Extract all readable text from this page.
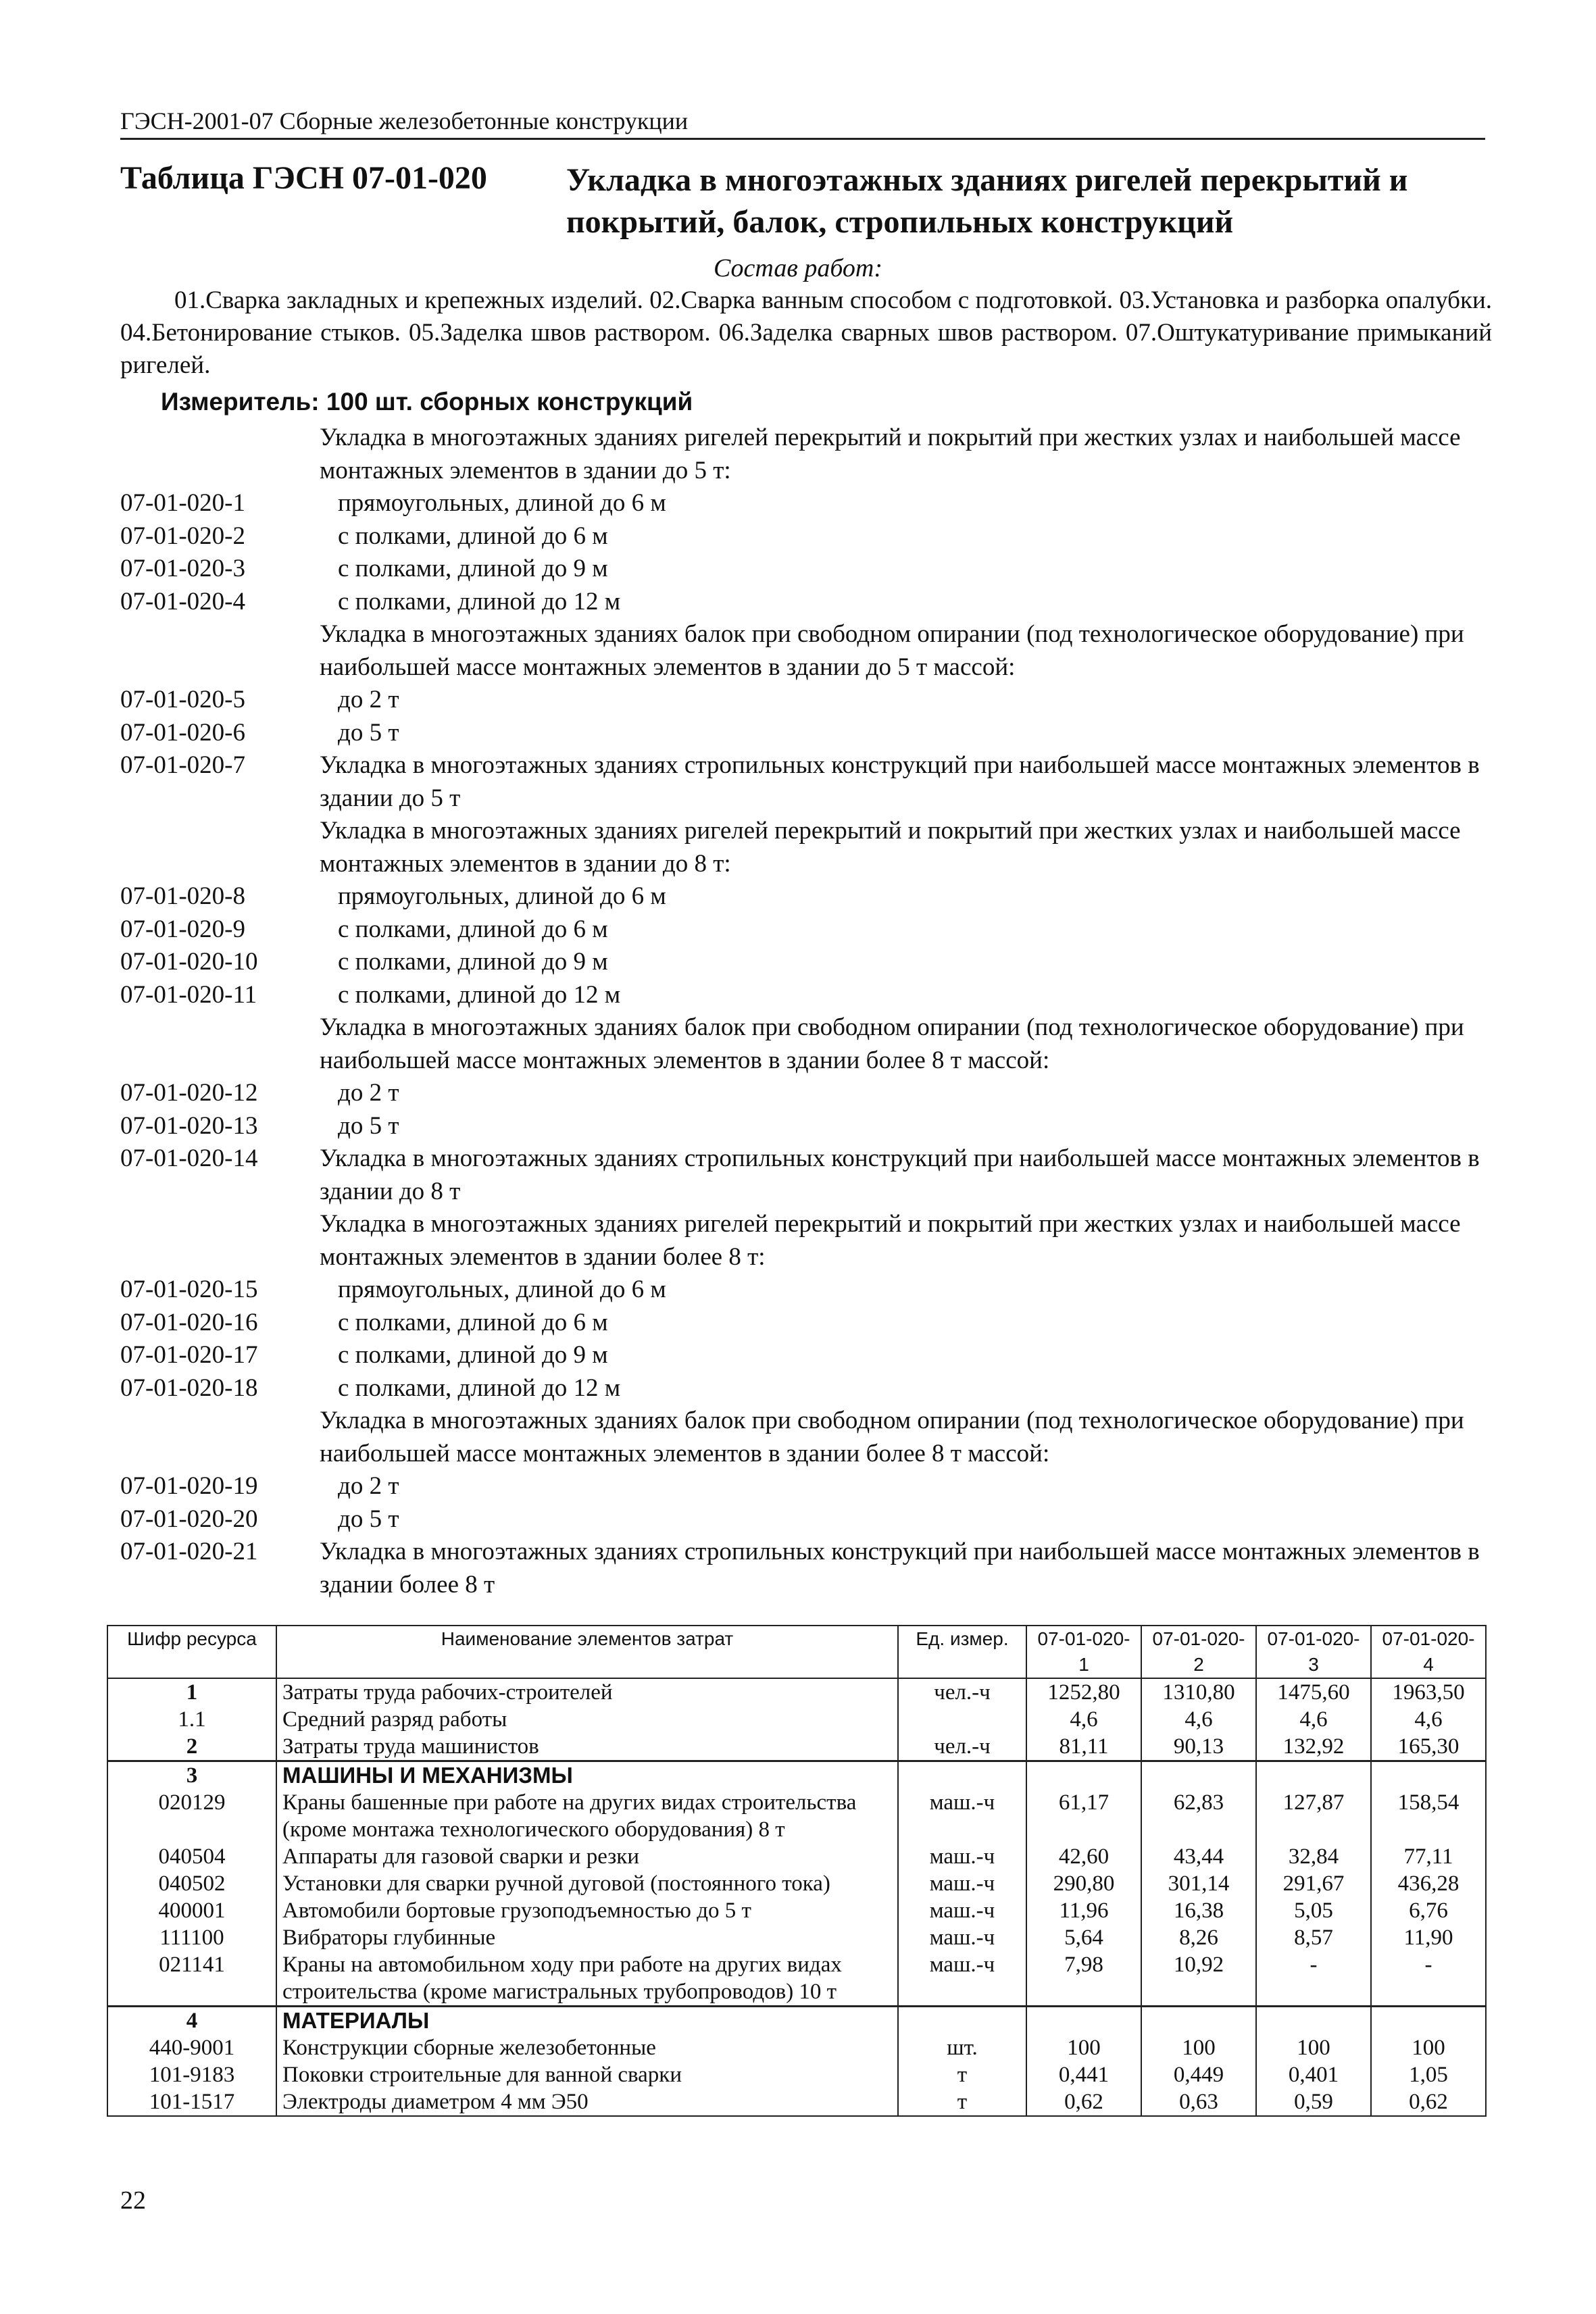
ГЭСН-2001-07 Сборные железобетонные конструкции
Таблица ГЭСН 07-01-020 Укладка в многоэтажных зданиях ригелей перекрытий и покрытий, балок, стропильных конструкций
Состав работ:
01.Сварка закладных и крепежных изделий. 02.Сварка ванным способом с подготовкой. 03.Установка и разборка опалубки. 04.Бетонирование стыков. 05.Заделка швов раствором. 06.Заделка сварных швов раствором. 07.Оштукатуривание примыканий ригелей.
Измеритель: 100 шт. сборных конструкций
Укладка в многоэтажных зданиях ригелей перекрытий и покрытий при жестких узлах и наибольшей массе монтажных элементов в здании до 5 т:
07-01-020-1	прямоугольных, длиной до 6 м
07-01-020-2	с полками, длиной до 6 м
07-01-020-3	с полками, длиной до 9 м
07-01-020-4	с полками, длиной до 12 м
Укладка в многоэтажных зданиях балок при свободном опирании (под технологическое оборудование) при наибольшей массе монтажных элементов в здании до 5 т массой:
07-01-020-5	до 2 т
07-01-020-6	до 5 т
07-01-020-7	Укладка в многоэтажных зданиях стропильных конструкций при наибольшей массе монтажных элементов в здании до 5 т
Укладка в многоэтажных зданиях ригелей перекрытий и покрытий при жестких узлах и наибольшей массе монтажных элементов в здании до 8 т:
07-01-020-8	прямоугольных, длиной до 6 м
07-01-020-9	с полками, длиной до 6 м
07-01-020-10	с полками, длиной до 9 м
07-01-020-11	с полками, длиной до 12 м
Укладка в многоэтажных зданиях балок при свободном опирании (под технологическое оборудование) при наибольшей массе монтажных элементов в здании более 8 т массой:
07-01-020-12	до 2 т
07-01-020-13	до 5 т
07-01-020-14	Укладка в многоэтажных зданиях стропильных конструкций при наибольшей массе монтажных элементов в здании до 8 т
Укладка в многоэтажных зданиях ригелей перекрытий и покрытий при жестких узлах и наибольшей массе монтажных элементов в здании более 8 т:
07-01-020-15	прямоугольных, длиной до 6 м
07-01-020-16	с полками, длиной до 6 м
07-01-020-17	с полками, длиной до 9 м
07-01-020-18	с полками, длиной до 12 м
Укладка в многоэтажных зданиях балок при свободном опирании (под технологическое оборудование) при наибольшей массе монтажных элементов в здании более 8 т массой:
07-01-020-19	до 2 т
07-01-020-20	до 5 т
07-01-020-21	Укладка в многоэтажных зданиях стропильных конструкций при наибольшей массе монтажных элементов в здании более 8 т
Шифр ресурса	Наименование элементов затрат	Ед. измер.	07-01-020-1	07-01-020-2	07-01-020-3	07-01-020-4
1	Затраты труда рабочих-строителей	чел.-ч	1252,80	1310,80	1475,60	1963,50
1.1	Средний разряд работы		4,6	4,6	4,6	4,6
2	Затраты труда машинистов	чел.-ч	81,11	90,13	132,92	165,30
3	МАШИНЫ И МЕХАНИЗМЫ					
020129	Краны башенные при работе на других видах строительства (кроме монтажа технологического оборудования) 8 т	маш.-ч	61,17	62,83	127,87	158,54
040504	Аппараты для газовой сварки и резки	маш.-ч	42,60	43,44	32,84	77,11
040502	Установки для сварки ручной дуговой (постоянного тока)	маш.-ч	290,80	301,14	291,67	436,28
400001	Автомобили бортовые грузоподъемностью до 5 т	маш.-ч	11,96	16,38	5,05	6,76
111100	Вибраторы глубинные	маш.-ч	5,64	8,26	8,57	11,90
021141	Краны на автомобильном ходу при работе на других видах строительства (кроме магистральных трубопроводов) 10 т	маш.-ч	7,98	10,92	-	-
4	МАТЕРИАЛЫ					
440-9001	Конструкции сборные железобетонные	шт.	100	100	100	100
101-9183	Поковки строительные для ванной сварки	т	0,441	0,449	0,401	1,05
101-1517	Электроды диаметром 4 мм Э50	т	0,62	0,63	0,59	0,62
22
